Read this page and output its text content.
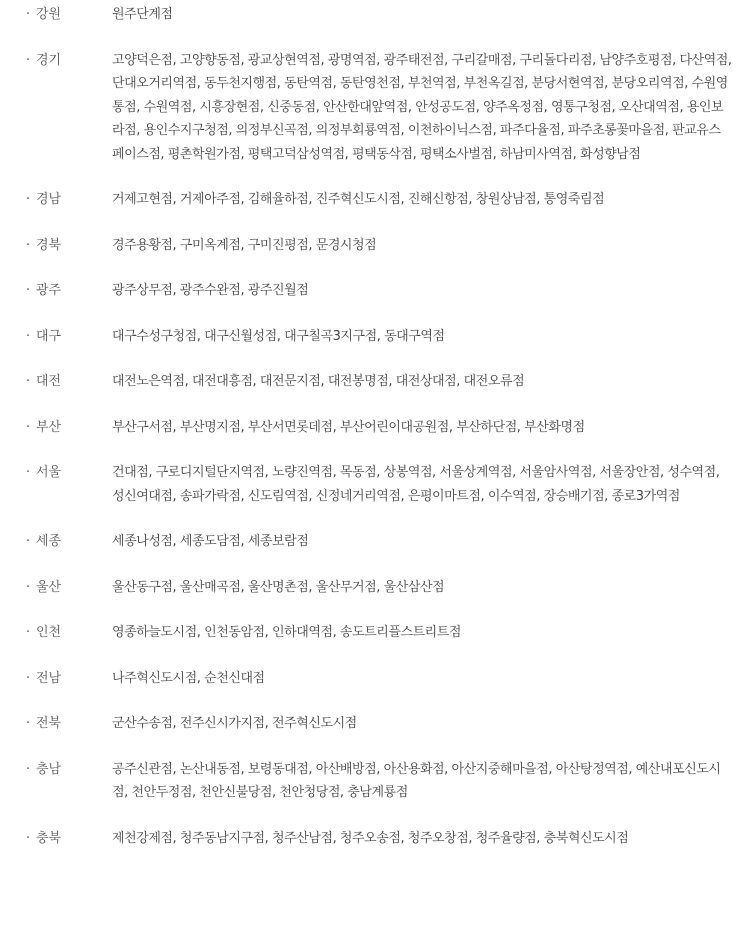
· 강원	원주단계점
· 경기	고양덕은점, 고양향동점, 광교상현역점, 광명역점, 광주태전점, 구리갈매점, 구리돌다리점, 남양주호평점, 다산역점, 단대오거리역점, 동두천지행점, 동탄역점, 동탄영천점, 부천역점, 부천옥길점, 분당서현역점, 분당오리역점, 수원영통점, 수원역점, 시흥장현점, 신중동점, 안산한대앞역점, 안성공도점, 양주옥정점, 영통구청점, 오산대역점, 용인보라점, 용인수지구청점, 의정부신곡점, 의정부회룡역점, 이천하이닉스점, 파주다율점, 파주초롱꽃마을점, 판교유스페이스점, 평촌학원가점, 평택고덕삼성역점, 평택동삭점, 평택소사벌점, 하남미사역점, 화성향남점
· 경남	거제고현점, 거제아주점, 김해율하점, 진주혁신도시점, 진해신항점, 창원상남점, 통영죽림점
· 경북	경주용황점, 구미옥계점, 구미진평점, 문경시청점
· 광주	광주상무점, 광주수완점, 광주진월점
· 대구	대구수성구청점, 대구신월성점, 대구칠곡3지구점, 동대구역점
· 대전	대전노은역점, 대전대흥점, 대전문지점, 대전봉명점, 대전상대점, 대전오류점
· 부산	부산구서점, 부산명지점, 부산서면롯데점, 부산어린이대공원점, 부산하단점, 부산화명점
· 서울	건대점, 구로디지털단지역점, 노량진역점, 목동점, 상봉역점, 서울상계역점, 서울암사역점, 서울장안점, 성수역점, 성신여대점, 송파가락점, 신도림역점, 신정네거리역점, 은평이마트점, 이수역점, 장승배기점, 종로3가역점
· 세종	세종나성점, 세종도담점, 세종보람점
· 울산	울산동구점, 울산매곡점, 울산명촌점, 울산무거점, 울산삼산점
· 인천	영종하늘도시점, 인천동암점, 인하대역점, 송도트리플스트리트점
· 전남	나주혁신도시점, 순천신대점
· 전북	군산수송점, 전주신시가지점, 전주혁신도시점
· 충남	공주신관점, 논산내동점, 보령동대점, 아산배방점, 아산용화점, 아산지중해마을점, 아산탕정역점, 예산내포신도시점, 천안두정점, 천안신불당점, 천안청당점, 충남계룡점
· 충북	제천강제점, 청주동남지구점, 청주산남점, 청주오송점, 청주오창점, 청주율량점, 충북혁신도시점
